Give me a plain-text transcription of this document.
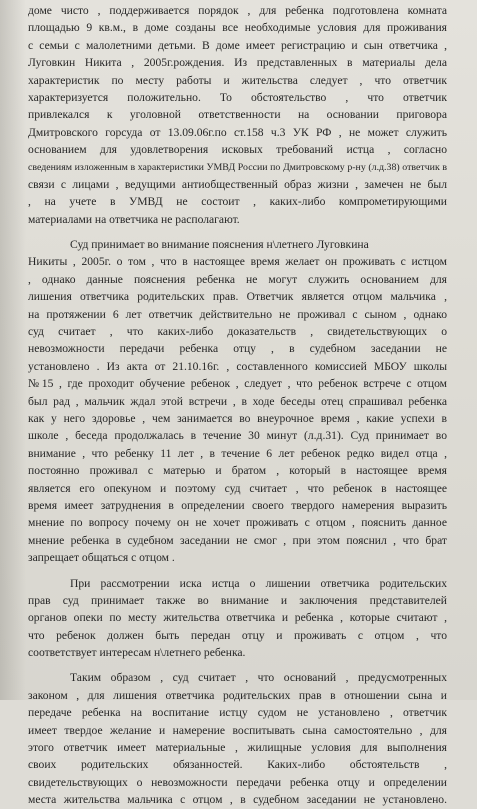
доме чисто , поддерживается порядок , для ребенка подготовлена комната
площадью 9 кв.м., в доме созданы все необходимые условия для проживания
с семьи с малолетними детьми. В доме имеет регистрацию и сын ответчика ,
Луговкин Никита , 2005г.рождения. Из представленных в материалы дела
характеристик по месту работы и жительства следует , что ответчик
характеризуется положительно. То обстоятельство , что ответчик
привлекался к уголовной ответственности на основании приговора
Дмитровского горсуда от 13.09.06г.по ст.158 ч.3 УК РФ , не может служить
основанием для удовлетворения исковых требований истца , согласно
сведениям изложенным в характеристики УМВД России по Дмитровскому р-ну (л.д.38) ответчик в
связи с лицами , ведущими антиобщественный образ жизни , замечен не был
, на учете в УМВД не состоит , каких-либо компрометирующими
материалами на ответчика не располагают.
Суд принимает во внимание пояснения н\летнего Луговкина
Никиты , 2005г. о том , что в настоящее время желает он проживать с истцом
, однако данные пояснения ребенка не могут служить основанием для
лишения ответчика родительских прав. Ответчик является отцом мальчика ,
на протяжении 6 лет ответчик действительно не проживал с сыном , однако
суд считает , что каких-либо доказательств , свидетельствующих о
невозможности передачи ребенка отцу , в судебном заседании не
установлено . Из акта от 21.10.16г. , составленного комиссией МБОУ школы
№15 , где проходит обучение ребенок , следует , что ребенок встрече с отцом
был рад , мальчик ждал этой встречи , в ходе беседы отец спрашивал ребенка
как у него здоровье , чем занимается во внеурочное время , какие успехи в
школе , беседа продолжалась в течение 30 минут (л.д.31). Суд принимает во
внимание , что ребенку 11 лет , в течение 6 лет ребенок редко видел отца ,
постоянно проживал с матерью и братом , который в настоящее время
является его опекуном и поэтому суд считает , что ребенок в настоящее
время имеет затруднения в определении своего твердого намерения выразить
мнение по вопросу почему он не хочет проживать с отцом , пояснить данное
мнение ребенка в судебном заседании не смог , при этом пояснил , что брат
запрещает общаться с отцом .
При рассмотрении иска истца о лишении ответчика родительских
прав суд принимает также во внимание и заключения представителей
органов опеки по месту жительства ответчика и ребенка , которые считают ,
что ребенок должен быть передан отцу и проживать с отцом , что
соответствует интересам н\летнего ребенка.
Таким образом , суд считает , что оснований , предусмотренных
законом , для лишения ответчика родительских прав в отношении сына и
передаче ребенка на воспитание истцу судом не установлено , ответчик
имеет твердое желание и намерение воспитывать сына самостоятельно , для
этого ответчик имеет материальные , жилищные условия для выполнения
своих родительских обязанностей. Каких-либо обстоятельств ,
свидетельствующих о невозможности передачи ребенка отцу и определении
места жительства мальчика с отцом , в судебном заседании не установлено.
